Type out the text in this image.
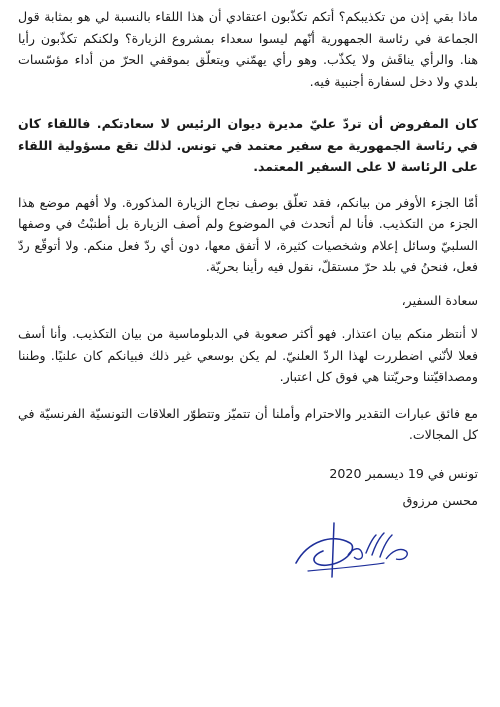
ماذا بقي إذن من تكذيبكم؟ أتكم تكذّبون اعتقادي أن هذا اللقاء بالنسبة لي هو بمثابة قول الجماعة في رئاسة الجمهورية أنّهم ليسوا سعداء بمشروع الزيارة؟ ولكنكم تكذّبون رأيا هنا. والرأي يناقَش ولا يكذّب. وهو رأي يهمّني ويتعلّق بموقفي الحرّ من أداء مؤسّسات بلدي ولا دخل لسفارة أجنبية فيه.

كان المفروض أن تردّ عليّ مديرة ديوان الرئيس لا سعادتكم. فاللقاء كان في رئاسة الجمهورية مع سفير معتمد في تونس. لذلك تقع مسؤولية اللقاء على الرئاسة لا على السفير المعتمد.

أمّا الجزء الأوفر من بيانكم، فقد تعلّق بوصف نجاح الزيارة المذكورة. ولا أفهم موضع هذا الجزء من التكذيب. فأنا لم أتحدث في الموضوع ولم أصف الزيارة بل أطنبْتُ في وصفها السلبيّ وسائل إعلام وشخصيات كثيرة، لا أتفق معها، دون أي ردّ فعل منكم. ولا أتوقّع ردّ فعل، فنحنُ في بلد حرّ مستقلّ، نقول فيه رأينا بحريّة.

سعادة السفير،

لا أنتظر منكم بيان اعتذار. فهو أكثر صعوبة في الدبلوماسية من بيان التكذيب. وأنا أسف فعلا لأنّني اضطررت لهذا الردّ العلنيّ. لم يكن بوسعي غير ذلك فبيانكم كان علنيًا. وطننا ومصداقيّتنا وحريّتنا هي فوق كل اعتبار.

مع فائق عبارات التقدير والاحترام وأملنا أن تتميّز وتتطوّر العلاقات التونسيّة الفرنسيّة في كل المجالات.

تونس في 19 ديسمبر 2020
محسن مرزوق
